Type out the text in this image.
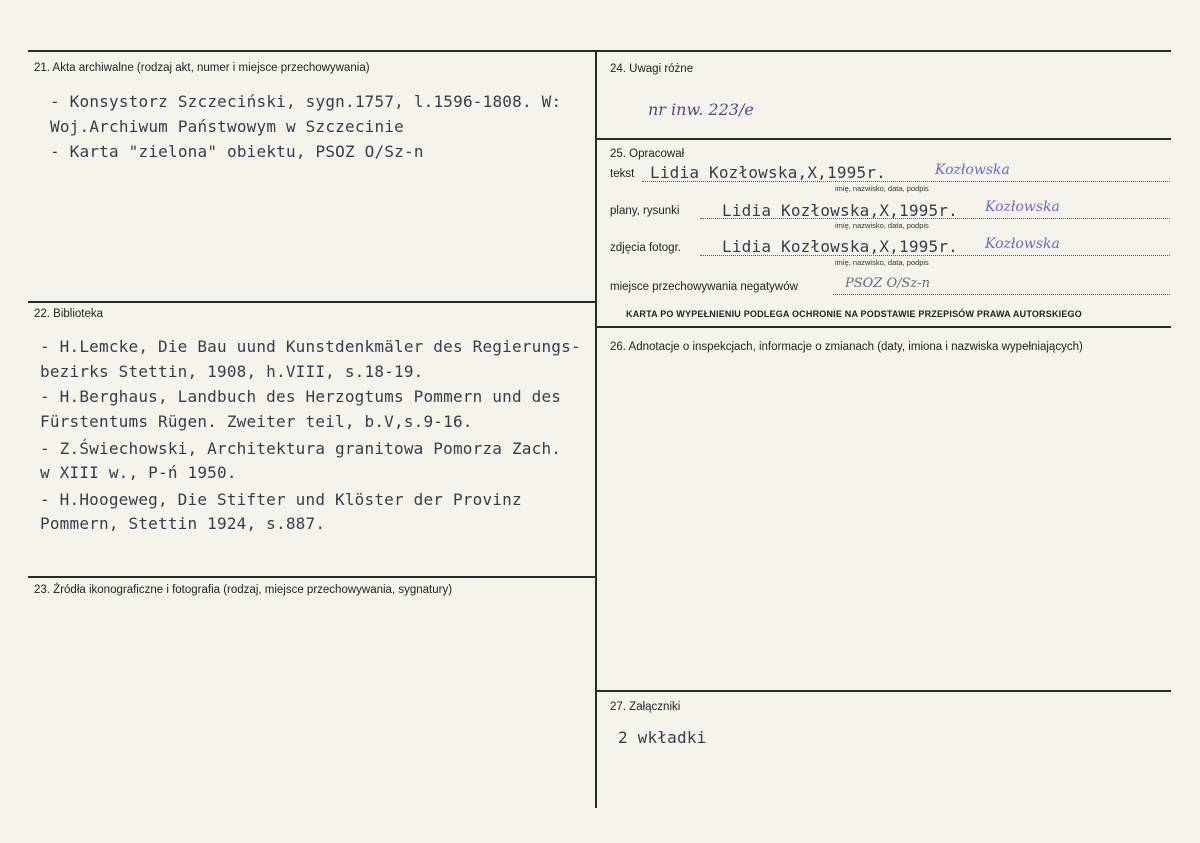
21. Akta archiwalne (rodzaj akt, numer i miejsce przechowywania)
- Konsystorz Szczeciński, sygn.1757, l.1596-1808. W:
Woj.Archiwum Państwowym w Szczecinie
- Karta "zielona" obiektu, PSOZ O/Sz-n
22. Biblioteka
- H.Lemcke, Die Bau uund Kunstdenkmäler des Regierungs-
bezirks Stettin, 1908, h.VIII, s.18-19.
- H.Berghaus, Landbuch des Herzogtums Pommern und des
Fürstentums Rügen. Zweiter teil, b.V,s.9-16.
- Z.Świechowski, Architektura granitowa Pomorza Zach.
w XIII w., P-ń 1950.
- H.Hoogeweg, Die Stifter und Klöster der Provinz
Pommern, Stettin 1924, s.887.
23. Źródła ikonograficzne i fotografia (rodzaj, miejsce przechowywania, sygnatury)
24. Uwagi różne
nr inw. 223/e
25. Opracował
tekst Lidia Kozłowska,X,1995r.	Kozłowska
imię, nazwisko, data, podpis
plany, rysunki	Lidia Kozłowska,X,1995r. Kozłowska
imię, nazwisko, data, podpis
zdjęcia fotogr.	Lidia Kozłowska,X,1995r. Kozłowska
imię, nazwisko, data, podpis
miejsce przechowywania negatywów	PSOZ O/Sz-n
KARTA PO WYPEŁNIENIU PODLEGA OCHRONIE NA PODSTAWIE PRZEPISÓW PRAWA AUTORSKIEGO
26. Adnotacje o inspekcjach, informacje o zmianach (daty, imiona i nazwiska wypełniających)
27. Załączniki
2 wkładki
